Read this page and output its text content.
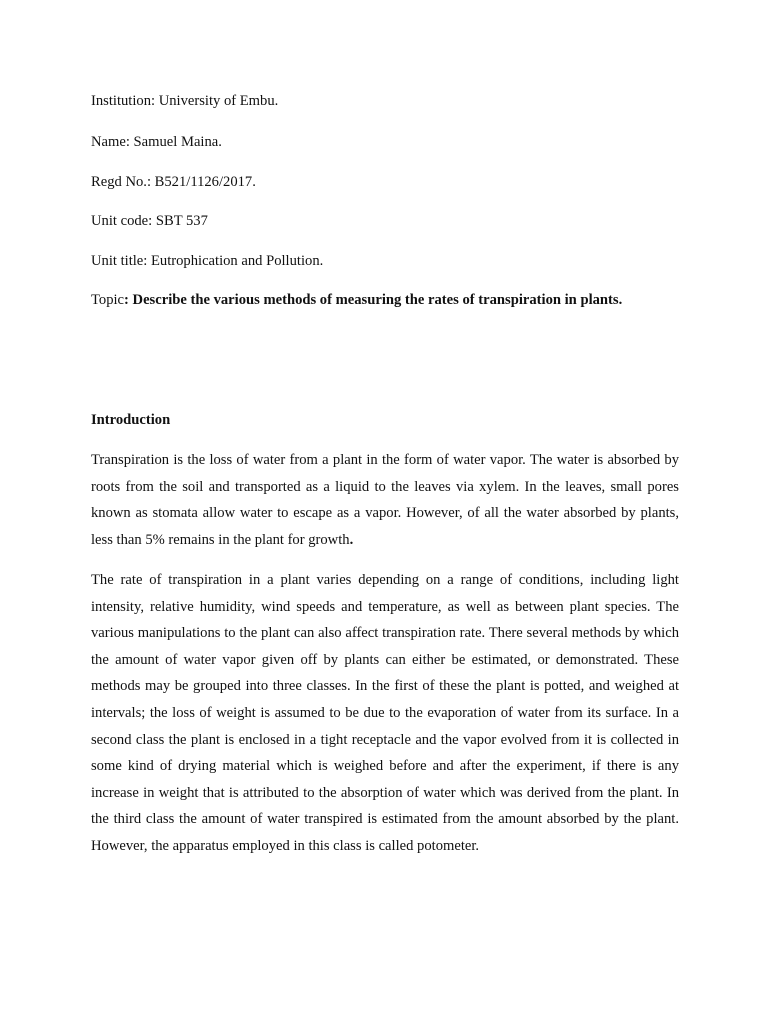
Institution: University of Embu.

Name: Samuel Maina.

Regd No.: B521/1126/2017.

Unit code: SBT 537

Unit title: Eutrophication and Pollution.

Topic: Describe the various methods of measuring the rates of transpiration in plants.

Introduction

Transpiration is the loss of water from a plant in the form of water vapor. The water is absorbed by roots from the soil and transported as a liquid to the leaves via xylem. In the leaves, small pores known as stomata allow water to escape as a vapor. However, of all the water absorbed by plants, less than 5% remains in the plant for growth.

The rate of transpiration in a plant varies depending on a range of conditions, including light intensity, relative humidity, wind speeds and temperature, as well as between plant species. The various manipulations to the plant can also affect transpiration rate. There several methods by which the amount of water vapor given off by plants can either be estimated, or demonstrated. These methods may be grouped into three classes. In the first of these the plant is potted, and weighed at intervals; the loss of weight is assumed to be due to the evaporation of water from its surface. In a second class the plant is enclosed in a tight receptacle and the vapor evolved from it is collected in some kind of drying material which is weighed before and after the experiment, if there is any increase in weight that is attributed to the absorption of water which was derived from the plant. In the third class the amount of water transpired is estimated from the amount absorbed by the plant. However, the apparatus employed in this class is called potometer.
